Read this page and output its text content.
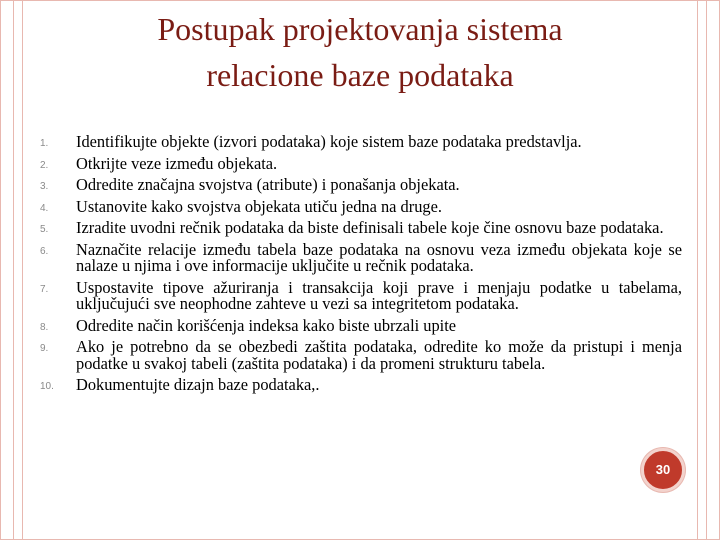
Postupak projektovanja sistema
relacione baze podataka
1. Identifikujte objekte (izvori podataka) koje sistem baze podataka predstavlja.
2. Otkrijte veze između objekata.
3. Odredite značajna svojstva (atribute) i ponašanja objekata.
4. Ustanovite kako svojstva objekata utiču jedna na druge.
5. Izradite uvodni rečnik podataka da biste definisali tabele koje čine osnovu baze podataka.
6. Naznačite relacije između tabela baze podataka na osnovu veza između objekata koje se nalaze u njima i ove informacije uključite u rečnik podataka.
7. Uspostavite tipove ažuriranja i transakcija koji prave i menjaju podatke u tabelama, uključujući sve neophodne zahteve u vezi sa integritetom podataka.
8. Odredite način korišćenja indeksa kako biste ubrzali upite
9. Ako je potrebno da se obezbedi zaštita podataka, odredite ko može da pristupi i menja podatke u svakoj tabeli (zaštita podataka) i da promeni strukturu tabela.
10. Dokumentujte dizajn baze podataka,.
30
